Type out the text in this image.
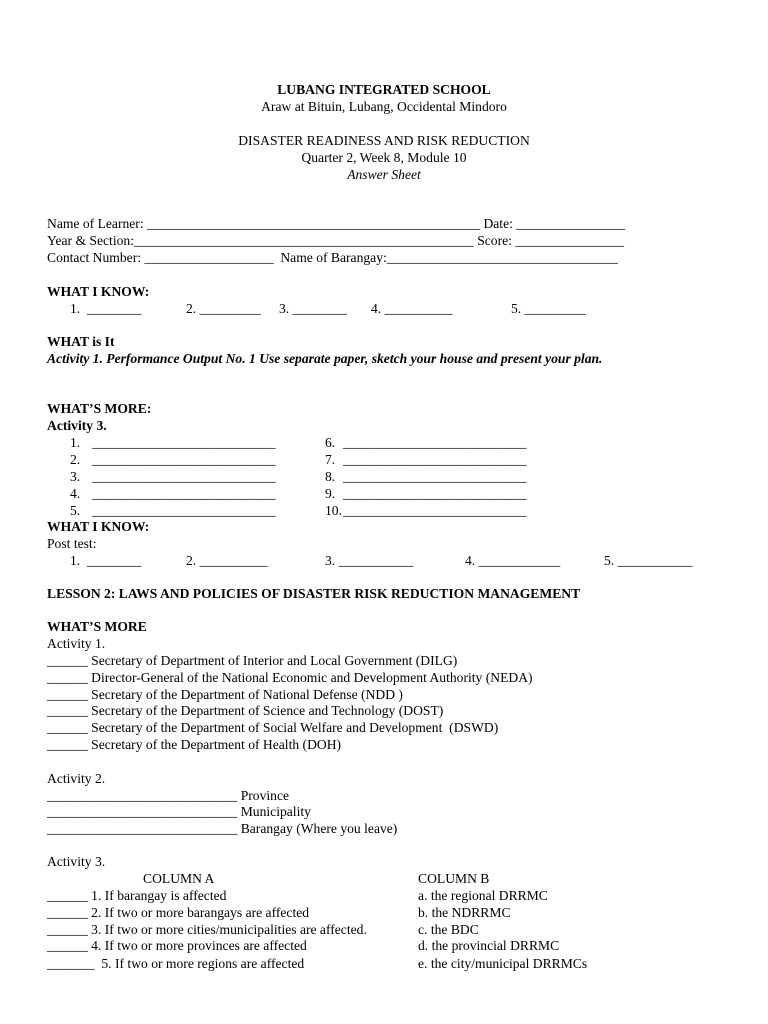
LUBANG INTEGRATED SCHOOL
Araw at Bituin, Lubang, Occidental Mindoro
DISASTER READINESS AND RISK REDUCTION
Quarter 2, Week 8, Module 10
Answer Sheet
Name of Learner: _________________________________________________ Date: ________________
Year & Section:__________________________________________________ Score: ________________
Contact Number: ___________________  Name of Barangay:__________________________________
WHAT I KNOW:
1.  ________	2. _________ 3. ________ 4. __________	5. _________
WHAT is It
Activity 1. Performance Output No. 1 Use separate paper, sketch your house and present your plan.
WHAT’S MORE:
Activity 3.
1. ___________________________	6. ___________________________
2. ___________________________	7. ___________________________
3. ___________________________	8. ___________________________
4. ___________________________	9. ___________________________
5. ___________________________	10. ___________________________
WHAT I KNOW:
Post test:
1.  ________	2. __________	3. ___________	4. ____________	5. ___________
LESSON 2: LAWS AND POLICIES OF DISASTER RISK REDUCTION MANAGEMENT
WHAT’S MORE
Activity 1.
______ Secretary of Department of Interior and Local Government (DILG)
______ Director-General of the National Economic and Development Authority (NEDA)
______ Secretary of the Department of National Defense (NDD )
______ Secretary of the Department of Science and Technology (DOST)
______ Secretary of the Department of Social Welfare and Development  (DSWD)
______ Secretary of the Department of Health (DOH)
Activity 2.
____________________________ Province
____________________________ Municipality
____________________________ Barangay (Where you leave)
Activity 3.
COLUMN A	COLUMN B
______ 1. If barangay is affected	a. the regional DRRMC
______ 2. If two or more barangays are affected	b. the NDRRMC
______ 3. If two or more cities/municipalities are affected.	c. the BDC
______ 4. If two or more provinces are affected	d. the provincial DRRMC
_______  5. If two or more regions are affected	e. the city/municipal DRRMCs
